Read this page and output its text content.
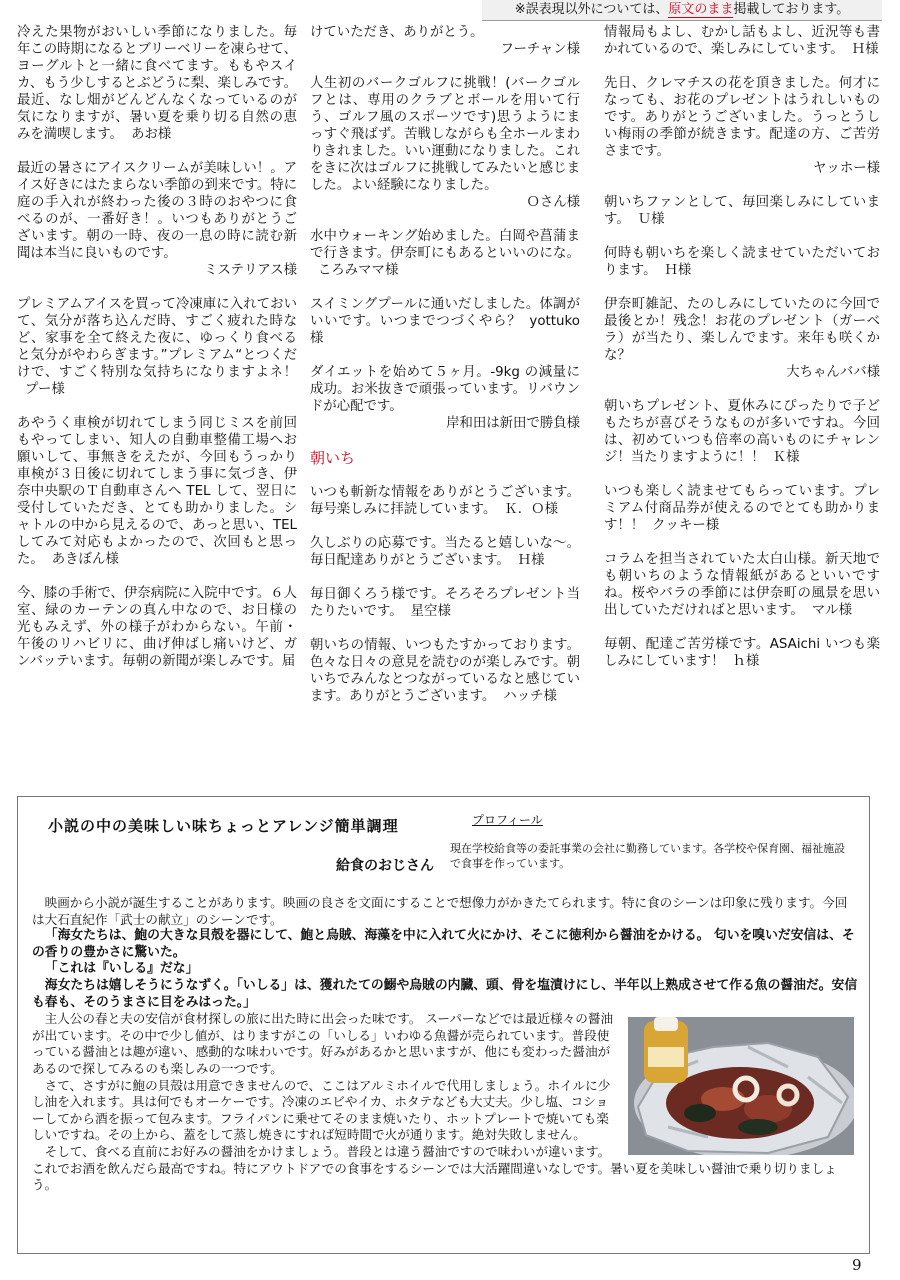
※誤表現以外については、原文のまま掲載しております。
冷えた果物がおいしい季節になりました。毎年この時期になるとブリーベリーを凍らせて、ヨーグルトと一緒に食べてます。ももやスイカ、もう少しするとぶどうに梨、楽しみです。最近、なし畑がどんどんなくなっているのが気になりますが、暑い夏を乗り切る自然の恵みを満喫します。 あお様
最近の暑さにアイスクリームが美味しい！。アイス好きにはたまらない季節の到来です。特に庭の手入れが終わった後の３時のおやつに食べるのが、一番好き！。いつもありがとうございます。朝の一時、夜の一息の時に読む新聞は本当に良いものです。
ミステリアス様
プレミアムアイスを買って冷凍庫に入れておいて、気分が落ち込んだ時、すごく疲れた時など、家事を全て終えた夜に、ゆっくり食べると気分がやわらぎます。”プレミアム“とつくだけで、すごく特別な気持ちになりますよネ！プー様
あやうく車検が切れてしまう同じミスを前回もやってしまい、知人の自動車整備工場へお願いして、事無きをえたが、今回もうっかり車検が３日後に切れてしまう事に気づき、伊奈中央駅のＴ自動車さんへ TEL して、翌日に受付していただき、とても助かりました。シャトルの中から見えるので、あっと思い、TEL してみて対応もよかったので、次回もと思った。 あきぼん様
今、膝の手術で、伊奈病院に入院中です。６人室、緑のカーテンの真ん中なので、お日様の光もみえず、外の様子がわからない。午前・午後のリハビリに、曲げ伸ばし痛いけど、ガンバッテいます。毎朝の新聞が楽しみです。届
けていただき、ありがとう。
フーチャン様
人生初のバークゴルフに挑戦！(バークゴルフとは、専用のクラブとボールを用いて行う、ゴルフ風のスポーツです)思うようにまっすぐ飛ばず。苦戦しながらも全ホールまわりきれました。いい運動になりました。これをきに次はゴルフに挑戦してみたいと感じました。よい経験になりました。
Ｏさん様
水中ウォーキング始めました。白岡や菖蒲まで行きます。伊奈町にもあるといいのにな。ころみママ様
スイミングプールに通いだしました。体調がいいです。いつまでつづくやら？ yottuko 様
ダイエットを始めて５ヶ月。-9kg の減量に成功。お米抜きで頑張っています。リバウンドが心配です。
岸和田は新田で勝負様
朝いち
いつも斬新な情報をありがとうございます。毎号楽しみに拝読しています。 Ｋ．Ｏ様
久しぶりの応募です。当たると嬉しいな～。毎日配達ありがとうございます。 Ｈ様
毎日御くろう様です。そろそろプレゼント当たりたいです。 星空様
朝いちの情報、いつもたすかっております。色々な日々の意見を読むのが楽しみです。朝いちでみんなとつながっているなと感じています。ありがとうございます。 ハッチ様
情報局もよし、むかし話もよし、近況等も書かれているので、楽しみにしています。 Ｈ様
先日、クレマチスの花を頂きました。何才になっても、お花のプレゼントはうれしいものです。ありがとうございました。うっとうしい梅雨の季節が続きます。配達の方、ご苦労さまです。
ヤッホー様
朝いちファンとして、毎回楽しみにしています。 Ｕ様
何時も朝いちを楽しく読ませていただいております。 Ｈ様
伊奈町雑記、たのしみにしていたのに今回で最後とか！残念！お花のプレゼント（ガーベラ）が当たり、楽しんでます。来年も咲くかな？
大ちゃんババ様
朝いちプレゼント、夏休みにぴったりで子どもたちが喜びそうなものが多いですね。今回は、初めていつも倍率の高いものにチャレンジ！当たりますように！！ Ｋ様
いつも楽しく読ませてもらっています。プレミアム付商品券が使えるのでとても助かります！！ クッキー様
コラムを担当されていた太白山様。新天地でも朝いちのような情報紙があるといいですね。桜やバラの季節には伊奈町の風景を思い出していただければと思います。 マル様
毎朝、配達ご苦労様です。ASAichi いつも楽しみにしています！ ｈ様
小説の中の美味しい味ちょっとアレンジ簡単調理
給食のおじさん
プロフィール
現在学校給食等の委託事業の会社に勤務しています。各学校や保育園、福祉施設で食事を作っています。

映画から小説が誕生することがあります。映画の良さを文面にすることで想像力がかきたてられます。特に食のシーンは印象に残ります。今回は大石直紀作「武士の献立」のシーンです。

「海女たちは、鮑の大きな貝殻を器にして、鮑と烏賊、海藻を中に入れて火にかけ、そこに徳利から醤油をかける。 匂いを嗅いだ安信は、その香りの豊かさに驚いた。

「これは『いしる』だな」

海女たちは嬉しそうにうなずく。「いしる」は、獲れたての鰯や烏賊の内臓、頭、骨を塩漬けにし、半年以上熟成させて作る魚の醤油だ。安信も春も、そのうまさに目をみはった。」

主人公の春と夫の安信が食材探しの旅に出た時に出会った味です。 スーパーなどでは最近様々の醤油が出ています。その中で少し値が、はりますがこの「いしる」いわゆる魚醤が売られています。普段使っている醤油とは趣が違い、感動的な味わいです。好みがあるかと思いますが、他にも変わった醤油があるので探してみるのも楽しみの一つです。

さて、さすがに鮑の貝殻は用意できませんので、ここはアルミホイルで代用しましょう。ホイルに少し油を入れます。具は何でもオーケーです。冷凍のエビやイカ、ホタテなども大丈夫。少し塩、コショーしてから酒を振って包みます。フライパンに乗せてそのまま焼いたり、ホットプレートで焼いても楽しいですね。その上から、蓋をして蒸し焼きにすれば短時間で火が通ります。絶対失敗しません。

そして、食べる直前にお好みの醤油をかけましょう。普段とは違う醤油ですので味わいが違います。これでお酒を飲んだら最高ですね。特にアウトドアでの食事をするシーンでは大活躍間違いなしです。暑い夏を美味しい醤油で乗り切りましょう。

9
